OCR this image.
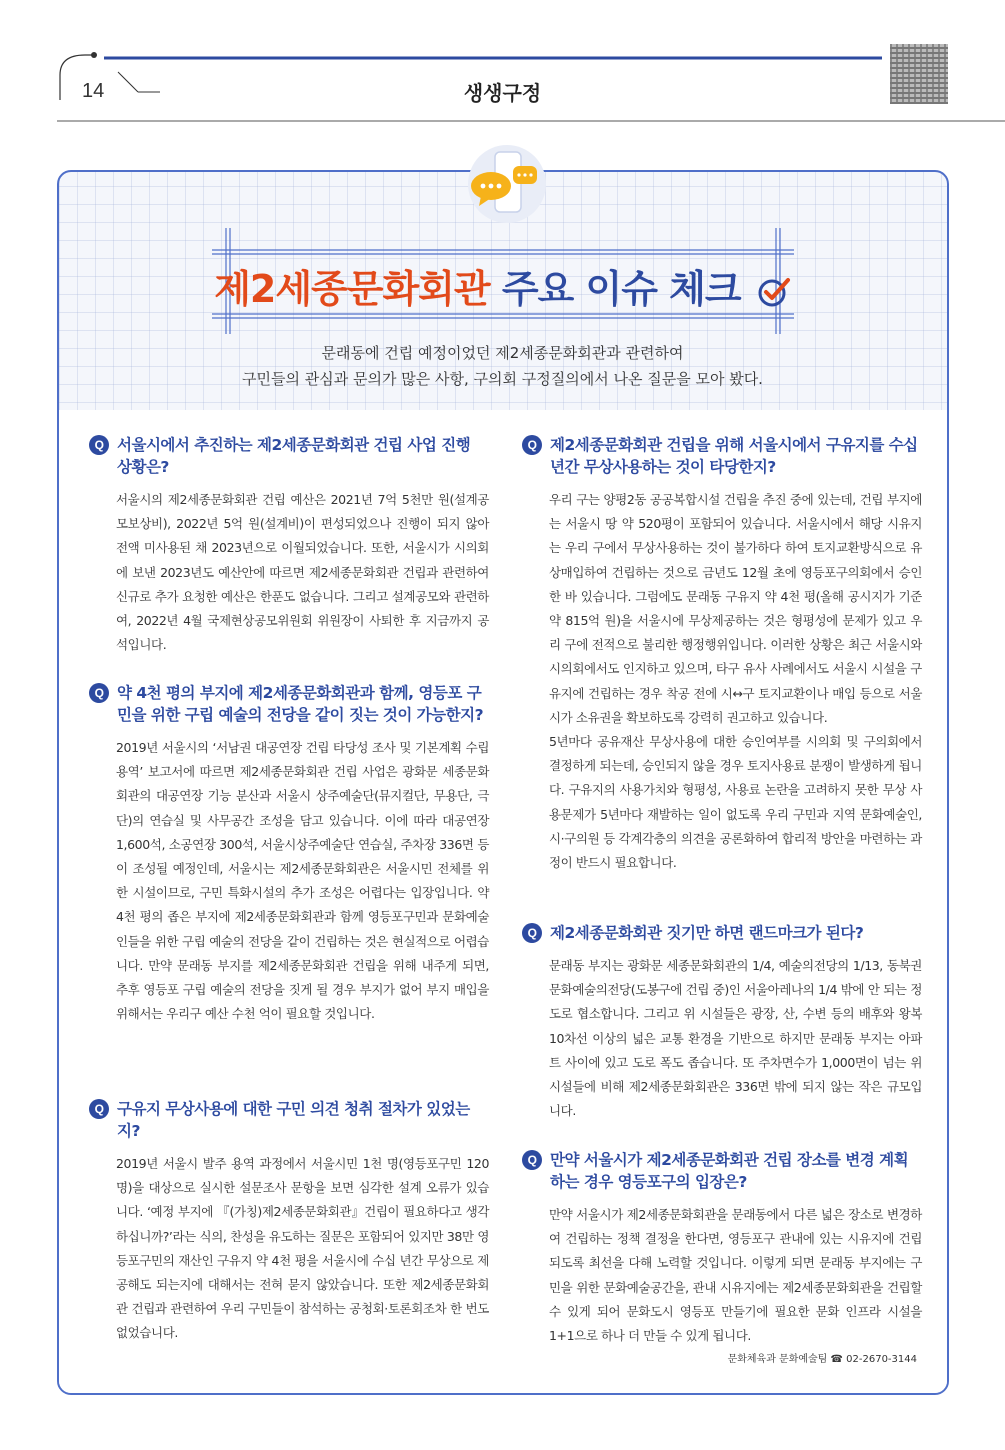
14	생생구정
제2세종문화회관 주요 이슈 체크
문래동에 건립 예정이었던 제2세종문화회관과 관련하여
구민들의 관심과 문의가 많은 사항, 구의회 구정질의에서 나온 질문을 모아 봤다.
Q 서울시에서 추진하는 제2세종문화회관 건립 사업 진행 상황은?
서울시의 제2세종문화회관 건립 예산은 2021년 7억 5천만 원(설계공모보상비), 2022년 5억 원(설계비)이 편성되었으나 진행이 되지 않아 전액 미사용된 채 2023년으로 이월되었습니다. 또한, 서울시가 시의회에 보낸 2023년도 예산안에 따르면 제2세종문화회관 건립과 관련하여 신규로 추가 요청한 예산은 한푼도 없습니다. 그리고 설계공모와 관련하여, 2022년 4월 국제현상공모위원회 위원장이 사퇴한 후 지금까지 공석입니다.
Q 약 4천 평의 부지에 제2세종문화회관과 함께, 영등포 구민을 위한 구립 예술의 전당을 같이 짓는 것이 가능한지?
2019년 서울시의 ‘서남권 대공연장 건립 타당성 조사 및 기본계획 수립 용역’ 보고서에 따르면 제2세종문화회관 건립 사업은 광화문 세종문화회관의 대공연장 기능 분산과 서울시 상주예술단(뮤지컬단, 무용단, 극단)의 연습실 및 사무공간 조성을 담고 있습니다. 이에 따라 대공연장 1,600석, 소공연장 300석, 서울시상주예술단 연습실, 주차장 336면 등이 조성될 예정인데, 서울시는 제2세종문화회관은 서울시민 전체를 위한 시설이므로, 구민 특화시설의 추가 조성은 어렵다는 입장입니다. 약 4천 평의 좁은 부지에 제2세종문화회관과 함께 영등포구민과 문화예술인들을 위한 구립 예술의 전당을 같이 건립하는 것은 현실적으로 어렵습니다. 만약 문래동 부지를 제2세종문화회관 건립을 위해 내주게 되면, 추후 영등포 구립 예술의 전당을 짓게 될 경우 부지가 없어 부지 매입을 위해서는 우리구 예산 수천 억이 필요할 것입니다.
Q 구유지 무상사용에 대한 구민 의견 청취 절차가 있었는지?
2019년 서울시 발주 용역 과정에서 서울시민 1천 명(영등포구민 120명)을 대상으로 실시한 설문조사 문항을 보면 심각한 설계 오류가 있습니다. ‘예정 부지에 『(가칭)제2세종문화회관』건립이 필요하다고 생각하십니까?’라는 식의, 찬성을 유도하는 질문은 포함되어 있지만 38만 영등포구민의 재산인 구유지 약 4천 평을 서울시에 수십 년간 무상으로 제공해도 되는지에 대해서는 전혀 묻지 않았습니다. 또한 제2세종문화회관 건립과 관련하여 우리 구민들이 참석하는 공청회·토론회조차 한 번도 없었습니다.
Q 제2세종문화회관 건립을 위해 서울시에서 구유지를 수십 년간 무상사용하는 것이 타당한지?
우리 구는 양평2동 공공복합시설 건립을 추진 중에 있는데, 건립 부지에는 서울시 땅 약 520평이 포함되어 있습니다. 서울시에서 해당 시유지는 우리 구에서 무상사용하는 것이 불가하다 하여 토지교환방식으로 유상매입하여 건립하는 것으로 금년도 12월 초에 영등포구의회에서 승인한 바 있습니다. 그럼에도 문래동 구유지 약 4천 평(올해 공시지가 기준 약 815억 원)을 서울시에 무상제공하는 것은 형평성에 문제가 있고 우리 구에 전적으로 불리한 행정행위입니다. 이러한 상황은 최근 서울시와 시의회에서도 인지하고 있으며, 타구 유사 사례에서도 서울시 시설을 구유지에 건립하는 경우 착공 전에 시↔구 토지교환이나 매입 등으로 서울시가 소유권을 확보하도록 강력히 권고하고 있습니다.
5년마다 공유재산 무상사용에 대한 승인여부를 시의회 및 구의회에서 결정하게 되는데, 승인되지 않을 경우 토지사용료 분쟁이 발생하게 됩니다. 구유지의 사용가치와 형평성, 사용료 논란을 고려하지 못한 무상 사용문제가 5년마다 재발하는 일이 없도록 우리 구민과 지역 문화예술인, 시·구의원 등 각계각층의 의견을 공론화하여 합리적 방안을 마련하는 과정이 반드시 필요합니다.
Q 제2세종문화회관 짓기만 하면 랜드마크가 된다?
문래동 부지는 광화문 세종문화회관의 1/4, 예술의전당의 1/13, 동북권 문화예술의전당(도봉구에 건립 중)인 서울아레나의 1/4 밖에 안 되는 정도로 협소합니다. 그리고 위 시설들은 광장, 산, 수변 등의 배후와 왕복 10차선 이상의 넓은 교통 환경을 기반으로 하지만 문래동 부지는 아파트 사이에 있고 도로 폭도 좁습니다. 또 주차면수가 1,000면이 넘는 위 시설들에 비해 제2세종문화회관은 336면 밖에 되지 않는 작은 규모입니다.
Q 만약 서울시가 제2세종문화회관 건립 장소를 변경 계획하는 경우 영등포구의 입장은?
만약 서울시가 제2세종문화회관을 문래동에서 다른 넓은 장소로 변경하여 건립하는 정책 결정을 한다면, 영등포구 관내에 있는 시유지에 건립되도록 최선을 다해 노력할 것입니다. 이렇게 되면 문래동 부지에는 구민을 위한 문화예술공간을, 관내 시유지에는 제2세종문화회관을 건립할 수 있게 되어 문화도시 영등포 만들기에 필요한 문화 인프라 시설을 1+1으로 하나 더 만들 수 있게 됩니다.
문화체육과 문화예술팀 ☎ 02-2670-3144
